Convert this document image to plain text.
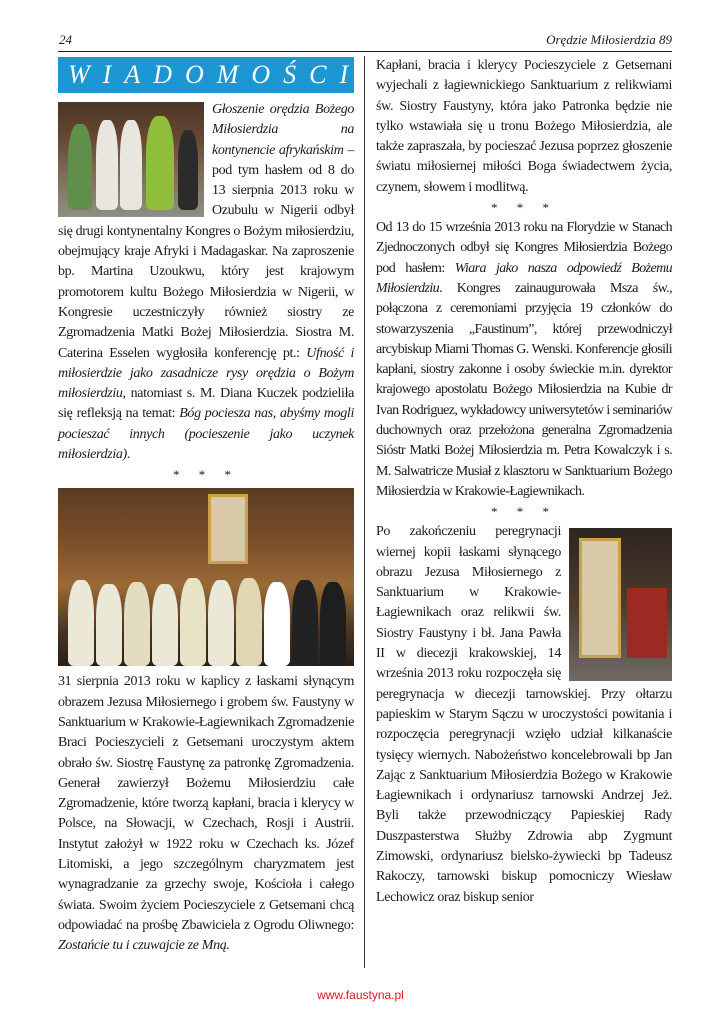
24	Orędzie Miłosierdzia 89
WIADOMOŚCI

Głoszenie orędzia Bożego Miłosierdzia na kontynencie afrykańskim – pod tym hasłem od 8 do 13 sierpnia 2013 roku w Ozubulu w Nigerii odbył się drugi kontynentalny Kongres o Bożym miłosierdziu, obejmujący kraje Afryki i Madagaskar. Na zaproszenie bp. Martina Uzoukwu, który jest krajowym promotorem kultu Bożego Miłosierdzia w Nigerii, w Kongresie uczestniczyły również siostry ze Zgromadzenia Matki Bożej Miłosierdzia. Siostra M. Caterina Esselen wygłosiła konferencję pt.: Ufność i miłosierdzie jako zasadnicze rysy orędzia o Bożym miłosierdziu, natomiast s. M. Diana Kuczek podzieliła się refleksją na temat: Bóg pociesza nas, abyśmy mogli pocieszać innych (pocieszenie jako uczynek miłosierdzia).

* * *

31 sierpnia 2013 roku w kaplicy z łaskami słynącym obrazem Jezusa Miłosiernego i grobem św. Faustyny w Sanktuarium w Krakowie-Łagiewnikach Zgromadzenie Braci Pocieszycieli z Getsemani uroczystym aktem obrało św. Siostrę Faustynę za patronkę Zgromadzenia. Generał zawierzył Bożemu Miłosierdziu całe Zgromadzenie, które tworzą kapłani, bracia i klerycy w Polsce, na Słowacji, w Czechach, Rosji i Austrii. Instytut założył w 1922 roku w Czechach ks. Józef Litomiski, a jego szczególnym charyzmatem jest wynagradzanie za grzechy swoje, Kościoła i całego świata. Swoim życiem Pocieszyciele z Getsemani chcą odpowiadać na prośbę Zbawiciela z Ogrodu Oliwnego: Zostańcie tu i czuwajcie ze Mną.

Kapłani, bracia i klerycy Pocieszyciele z Getsemani wyjechali z łagiewnickiego Sanktuarium z relikwiami św. Siostry Faustyny, która jako Patronka będzie nie tylko wstawiała się u tronu Bożego Miłosierdzia, ale także zapraszała, by pocieszać Jezusa poprzez głoszenie światu miłosiernej miłości Boga świadectwem życia, czynem, słowem i modlitwą.

* * *

Od 13 do 15 września 2013 roku na Florydzie w Stanach Zjednoczonych odbył się Kongres Miłosierdzia Bożego pod hasłem: Wiara jako nasza odpowiedź Bożemu Miłosierdziu. Kongres zainaugurowała Msza św., połączona z ceremoniami przyjęcia 19 członków do stowarzyszenia „Faustinum”, której przewodniczył arcybiskup Miami Thomas G. Wenski. Konferencje głosili kapłani, siostry zakonne i osoby świeckie m.in. dyrektor krajowego apostolatu Bożego Miłosierdzia na Kubie dr Ivan Rodriguez, wykładowcy uniwersytetów i seminariów duchownych oraz przełożona generalna Zgromadzenia Sióstr Matki Bożej Miłosierdzia m. Petra Kowalczyk i s. M. Salwatricze Musiał z klasztoru w Sanktuarium Bożego Miłosierdzia w Krakowie-Łagiewnikach.

* * *

Po zakończeniu peregrynacji wiernej kopii łaskami słynącego obrazu Jezusa Miłosiernego z Sanktuarium w Krakowie-Łagiewnikach oraz relikwii św. Siostry Faustyny i bł. Jana Pawła II w diecezji krakowskiej, 14 września 2013 roku rozpoczęła się peregrynacja w diecezji tarnowskiej. Przy ołtarzu papieskim w Starym Sączu w uroczystości powitania i rozpoczęcia peregrynacji wzięło udział kilkanaście tysięcy wiernych. Nabożeństwo koncelebrowali bp Jan Zając z Sanktuarium Miłosierdzia Bożego w Krakowie Łagiewnikach i ordynariusz tarnowski Andrzej Jeż. Byli także przewodniczący Papieskiej Rady Duszpasterstwa Służby Zdrowia abp Zygmunt Zimowski, ordynariusz bielsko-żywiecki bp Tadeusz Rakoczy, tarnowski biskup pomocniczy Wiesław Lechowicz oraz biskup senior

www.faustyna.pl
